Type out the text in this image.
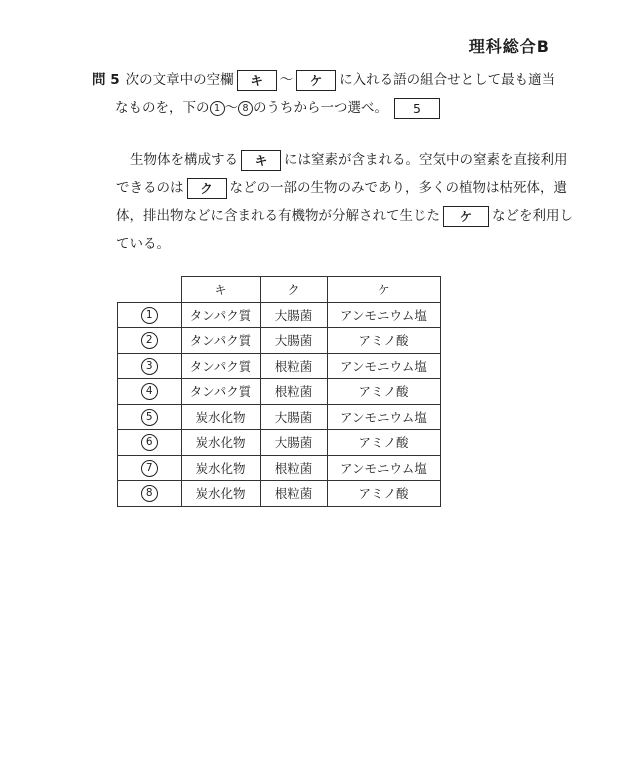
理科総合B
問 5 次の文章中の空欄 キ ～ ケ に入れる語の組合せとして最も適当
なものを，下の 1 ～ 8 のうちから一つ選べ。 5
生物体を構成する キ には窒素が含まれる。空気中の窒素を直接利用
できるのは ク などの一部の生物のみであり，多くの植物は枯死体，遺
体，排出物などに含まれる有機物が分解されて生じた ケ などを利用し
ている。
	キ	ク	ケ
1	タンパク質	大腸菌	アンモニウム塩
2	タンパク質	大腸菌	アミノ酸
3	タンパク質	根粒菌	アンモニウム塩
4	タンパク質	根粒菌	アミノ酸
5	炭水化物	大腸菌	アンモニウム塩
6	炭水化物	大腸菌	アミノ酸
7	炭水化物	根粒菌	アンモニウム塩
8	炭水化物	根粒菌	アミノ酸
